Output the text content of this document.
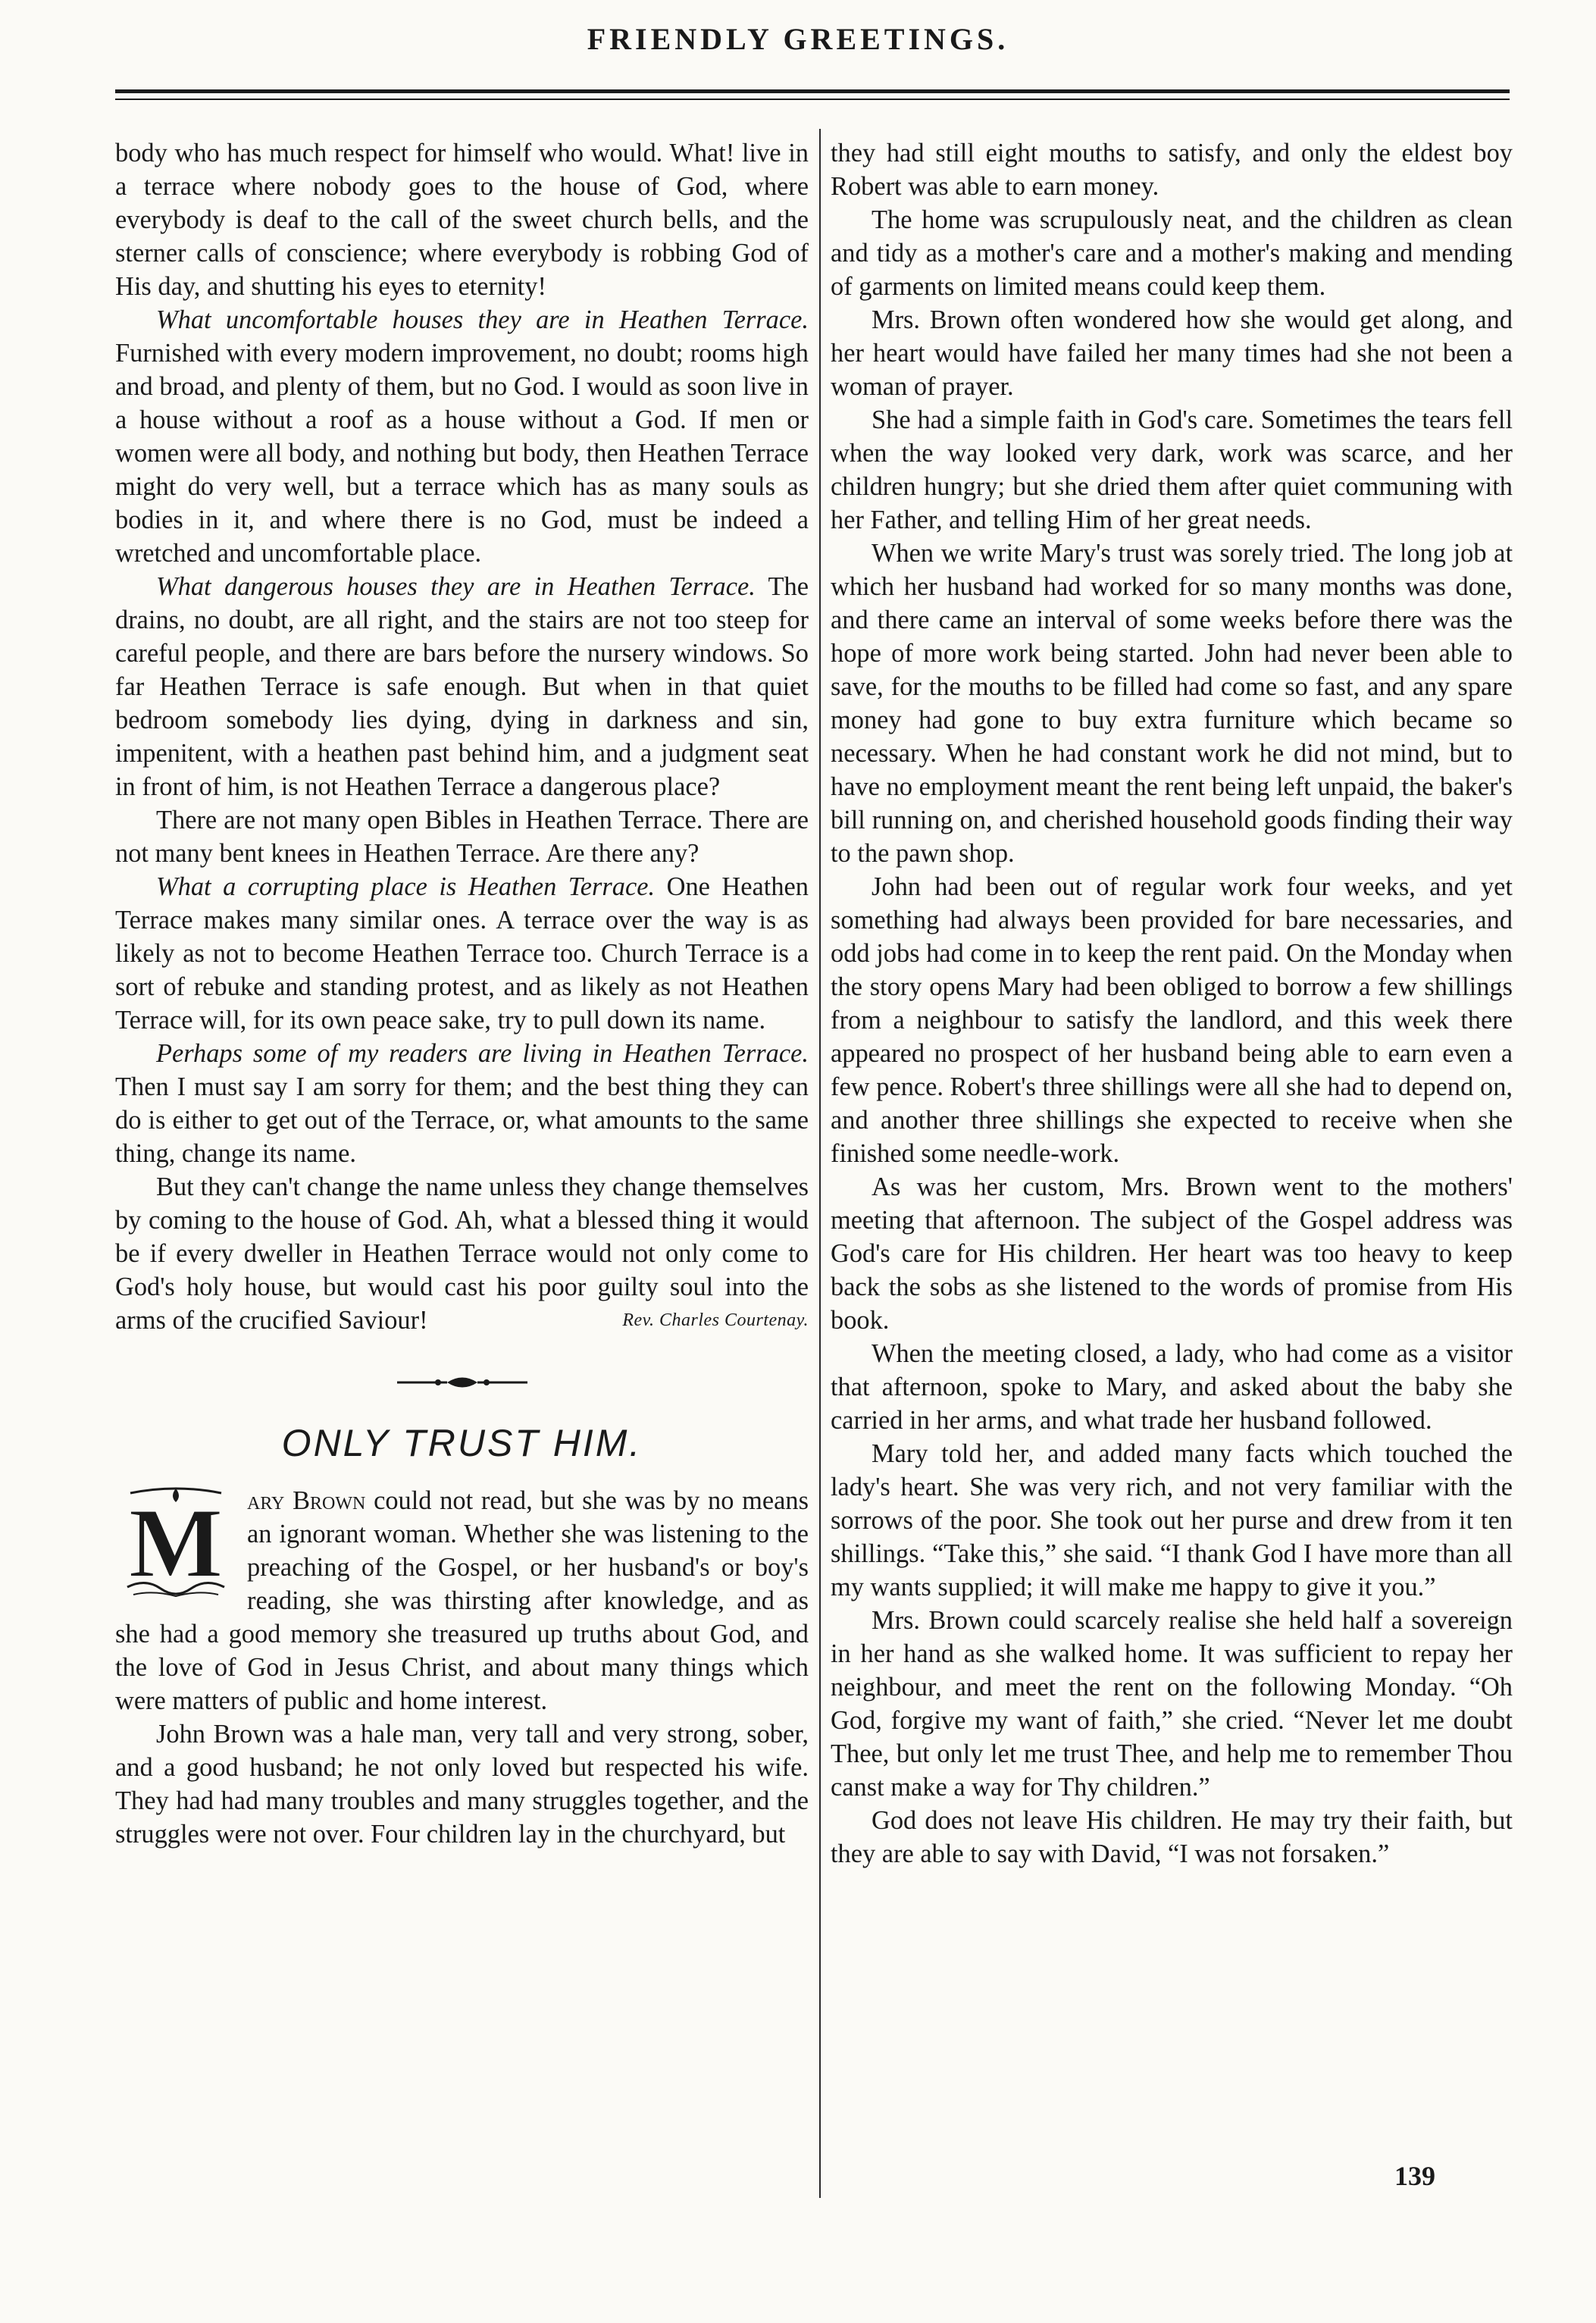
FRIENDLY GREETINGS.

body who has much respect for himself who would. What! live in a terrace where nobody goes to the house of God, where everybody is deaf to the call of the sweet church bells, and the sterner calls of conscience; where everybody is robbing God of His day, and shutting his eyes to eternity!

What uncomfortable houses they are in Heathen Terrace. Furnished with every modern improvement, no doubt; rooms high and broad, and plenty of them, but no God. I would as soon live in a house without a roof as a house without a God. If men or women were all body, and nothing but body, then Heathen Terrace might do very well, but a terrace which has as many souls as bodies in it, and where there is no God, must be indeed a wretched and uncomfortable place.

What dangerous houses they are in Heathen Terrace. The drains, no doubt, are all right, and the stairs are not too steep for careful people, and there are bars before the nursery windows. So far Heathen Terrace is safe enough. But when in that quiet bedroom somebody lies dying, dying in darkness and sin, impenitent, with a heathen past behind him, and a judgment seat in front of him, is not Heathen Terrace a dangerous place?

There are not many open Bibles in Heathen Terrace. There are not many bent knees in Heathen Terrace. Are there any?

What a corrupting place is Heathen Terrace. One Heathen Terrace makes many similar ones. A terrace over the way is as likely as not to become Heathen Terrace too. Church Terrace is a sort of rebuke and standing protest, and as likely as not Heathen Terrace will, for its own peace sake, try to pull down its name.

Perhaps some of my readers are living in Heathen Terrace. Then I must say I am sorry for them; and the best thing they can do is either to get out of the Terrace, or, what amounts to the same thing, change its name.

But they can't change the name unless they change themselves by coming to the house of God. Ah, what a blessed thing it would be if every dweller in Heathen Terrace would not only come to God's holy house, but would cast his poor guilty soul into the arms of the crucified Saviour!	Rev. Charles Courtenay.

ONLY TRUST HIM.
M ary Brown could not read, but she was by no means an ignorant woman. Whether she was listening to the preaching of the Gospel, or her husband's or boy's reading, she was thirsting after knowledge, and as she had a good memory she treasured up truths about God, and the love of God in Jesus Christ, and about many things which were matters of public and home interest.

John Brown was a hale man, very tall and very strong, sober, and a good husband; he not only loved but respected his wife. They had had many troubles and many struggles together, and the struggles were not over. Four children lay in the churchyard, but

they had still eight mouths to satisfy, and only the eldest boy Robert was able to earn money.

The home was scrupulously neat, and the children as clean and tidy as a mother's care and a mother's making and mending of garments on limited means could keep them.

Mrs. Brown often wondered how she would get along, and her heart would have failed her many times had she not been a woman of prayer.

She had a simple faith in God's care. Sometimes the tears fell when the way looked very dark, work was scarce, and her children hungry; but she dried them after quiet communing with her Father, and telling Him of her great needs.

When we write Mary's trust was sorely tried. The long job at which her husband had worked for so many months was done, and there came an interval of some weeks before there was the hope of more work being started. John had never been able to save, for the mouths to be filled had come so fast, and any spare money had gone to buy extra furniture which became so necessary. When he had constant work he did not mind, but to have no employment meant the rent being left unpaid, the baker's bill running on, and cherished household goods finding their way to the pawn shop.

John had been out of regular work four weeks, and yet something had always been provided for bare necessaries, and odd jobs had come in to keep the rent paid. On the Monday when the story opens Mary had been obliged to borrow a few shillings from a neighbour to satisfy the landlord, and this week there appeared no prospect of her husband being able to earn even a few pence. Robert's three shillings were all she had to depend on, and another three shillings she expected to receive when she finished some needle-work.

As was her custom, Mrs. Brown went to the mothers' meeting that afternoon. The subject of the Gospel address was God's care for His children. Her heart was too heavy to keep back the sobs as she listened to the words of promise from His book.

When the meeting closed, a lady, who had come as a visitor that afternoon, spoke to Mary, and asked about the baby she carried in her arms, and what trade her husband followed.

Mary told her, and added many facts which touched the lady's heart. She was very rich, and not very familiar with the sorrows of the poor. She took out her purse and drew from it ten shillings. “Take this,” she said. “I thank God I have more than all my wants supplied; it will make me happy to give it you.”

Mrs. Brown could scarcely realise she held half a sovereign in her hand as she walked home. It was sufficient to repay her neighbour, and meet the rent on the following Monday. “Oh God, forgive my want of faith,” she cried. “Never let me doubt Thee, but only let me trust Thee, and help me to remember Thou canst make a way for Thy children.”

God does not leave His children. He may try their faith, but they are able to say with David, “I was not forsaken.”

139
